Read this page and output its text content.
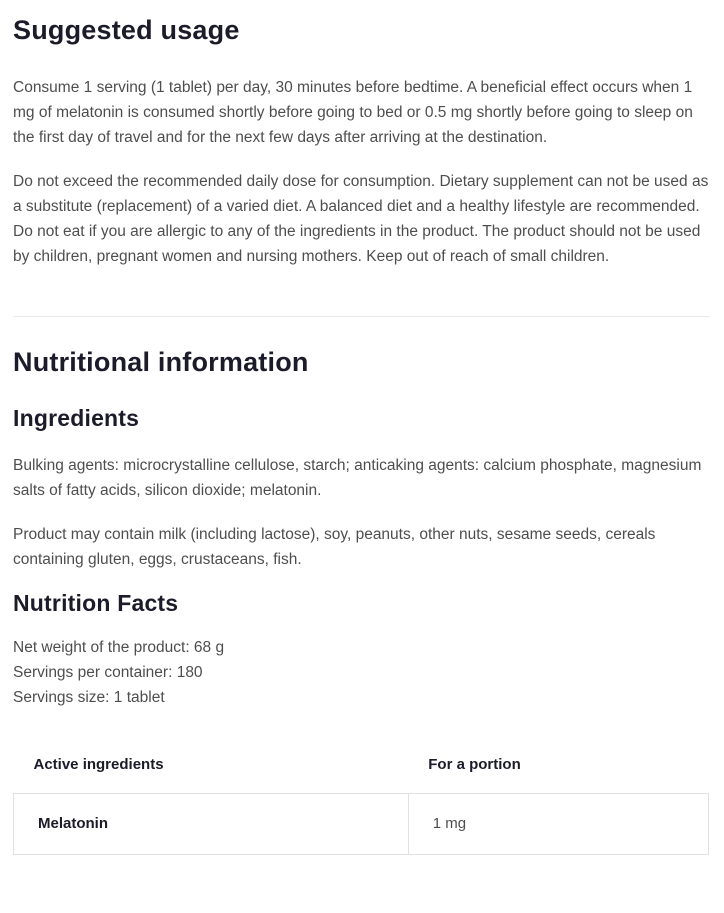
Suggested usage

Consume 1 serving (1 tablet) per day, 30 minutes before bedtime. A beneficial effect occurs when 1 mg of melatonin is consumed shortly before going to bed or 0.5 mg shortly before going to sleep on the first day of travel and for the next few days after arriving at the destination.

Do not exceed the recommended daily dose for consumption. Dietary supplement can not be used as a substitute (replacement) of a varied diet. A balanced diet and a healthy lifestyle are recommended. Do not eat if you are allergic to any of the ingredients in the product. The product should not be used by children, pregnant women and nursing mothers. Keep out of reach of small children.

Nutritional information
Ingredients

Bulking agents: microcrystalline cellulose, starch; anticaking agents: calcium phosphate, magnesium salts of fatty acids, silicon dioxide; melatonin.

Product may contain milk (including lactose), soy, peanuts, other nuts, sesame seeds, cereals containing gluten, eggs, crustaceans, fish.

Nutrition Facts
Net weight of the product: 68 g
Servings per container: 180
Servings size: 1 tablet
Active ingredients	For a portion
Melatonin	1 mg
